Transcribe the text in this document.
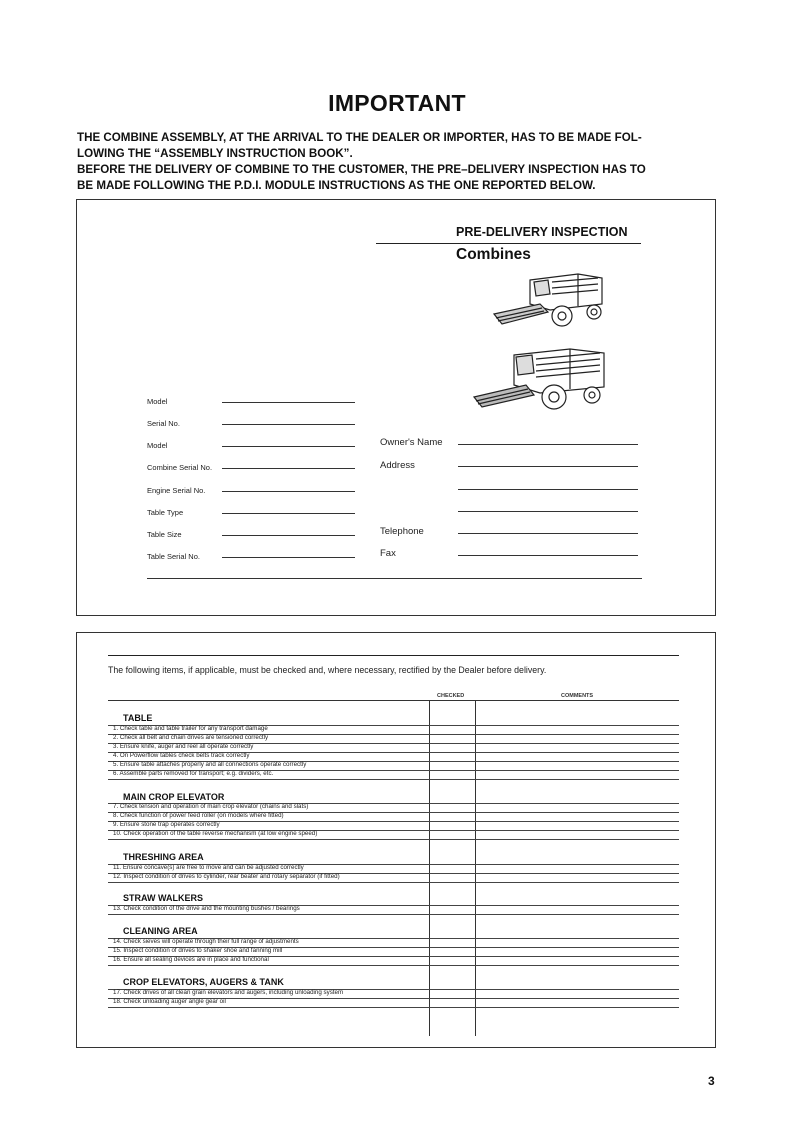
IMPORTANT
THE COMBINE ASSEMBLY, AT THE ARRIVAL TO THE DEALER OR IMPORTER, HAS TO BE MADE FOL-
LOWING THE “ASSEMBLY INSTRUCTION BOOK”.
BEFORE THE DELIVERY OF COMBINE TO THE CUSTOMER, THE PRE–DELIVERY INSPECTION HAS TO
BE MADE FOLLOWING THE P.D.I. MODULE INSTRUCTIONS AS THE ONE REPORTED BELOW.
PRE-DELIVERY INSPECTION
Combines
Model
Serial No.
Model
Combine Serial No.
Engine Serial No.
Table Type
Table Size
Table Serial No.
Owner's Name
Address
Telephone
Fax
The following items, if applicable, must be checked and, where necessary, rectified by the Dealer before delivery.
CHECKED	COMMENTS
TABLE
1. Check table and table trailer for any transport damage
2. Check all belt and chain drives are tensioned correctly
3. Ensure knife, auger and reel all operate correctly
4. On Powerflow tables check belts track correctly
5. Ensure table attaches properly and all connections operate correctly
6. Assemble parts removed for transport; e.g. dividers, etc.
MAIN CROP ELEVATOR
7. Check tension and operation of main crop elevator (chains and slats)
8. Check function of power feed roller (on models where fitted)
9. Ensure stone trap operates correctly
10. Check operation of the table reverse mechanism (at low engine speed)
THRESHING AREA
11. Ensure concave(s) are free to move and can be adjusted correctly
12. Inspect condition of drives to cylinder, rear beater and rotary separator (if fitted)
STRAW WALKERS
13. Check condition of the drive and the mounting bushes / bearings
CLEANING AREA
14. Check sieves will operate through their full range of adjustments
15. Inspect condition of drives to shaker shoe and fanning mill
16. Ensure all sealing devices are in place and functional
CROP ELEVATORS, AUGERS & TANK
17. Check drives of all clean grain elevators and augers, including unloading system
18. Check unloading auger angle gear oil
3
